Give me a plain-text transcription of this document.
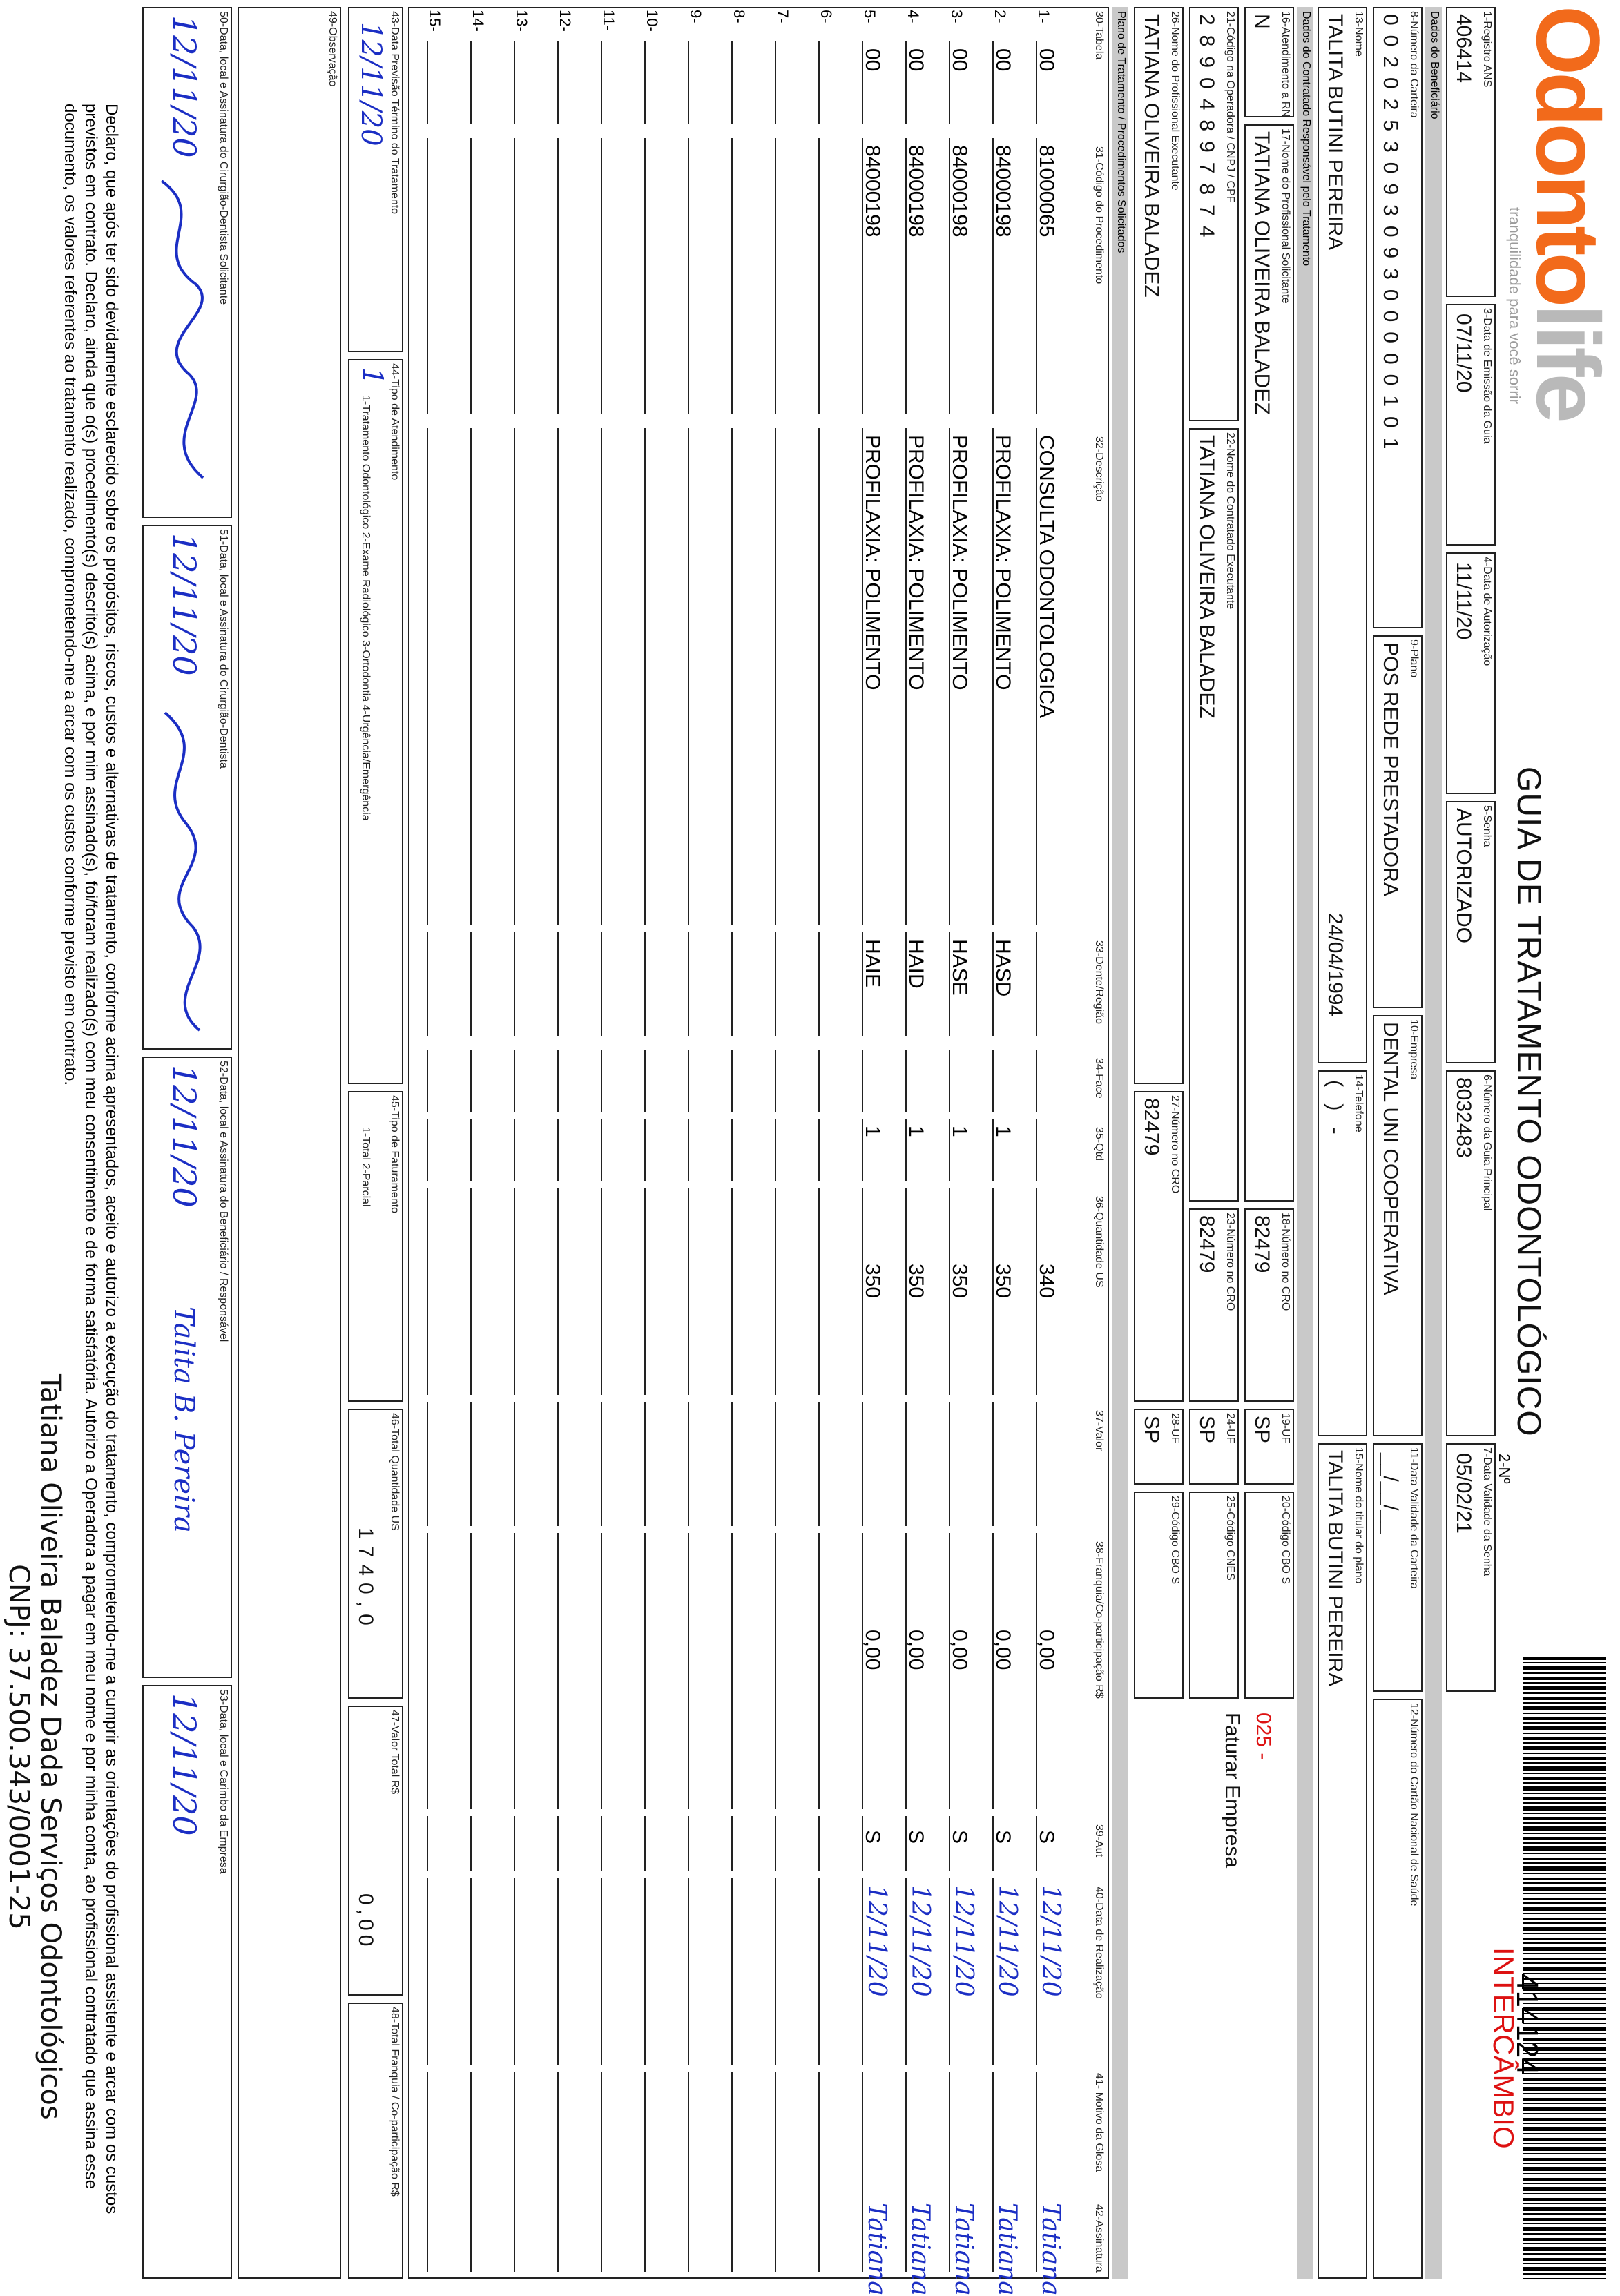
Odontolife
tranquilidade para você sorrir
GUIA DE TRATAMENTO ODONTOLÓGICO
2-Nº
414124
INTERCÂMBIO
1-Registro ANS
406414
3-Data de Emissão da Guia
07/11/20
4-Data de Autorização
11/11/20
5-Senha
AUTORIZADO
6-Número da Guia Principal
8032483
7-Data Validade da Senha
05/02/21
Dados do Beneficiário
8-Número da Carteira
002025309309300000101
9-Plano
POS REDE PRESTADORA
10-Empresa
DENTAL UNI COOPERATIVA
11-Data Validade da Carteira
__/__/__
12-Número do Cartão Nacional de Saúde
13-Nome
TALITA BUTINI PEREIRA
24/04/1994
14-Telefone
( ) -
15-Nome do titular do plano
TALITA BUTINI PEREIRA
Dados do Contratado Responsável pelo Tratamento
16-Atendimento a RN
N
17-Nome do Profissional Solicitante
TATIANA OLIVEIRA BALADEZ
18-Número no CRO
82479
19-UF
SP
20-Código CBO S
21-Código na Operadora / CNPJ / CPF
28904897874
22-Nome do Contratado Executante
TATIANA OLIVEIRA BALADEZ
23-Número no CRO
82479
24-UF
SP
25-Código CNES
025 -
Faturar Empresa
26-Nome do Profissional Executante
TATIANA OLIVEIRA BALADEZ
27-Número no CRO
82479
28-UF
SP
29-Código CBO S
Plano de Tratamento / Procedimentos Solicitados
30-Tabela
31-Código do Procedimento
32-Descrição
33-Dente/Região
34-Face
35-Qtd
36-Quantidade US
37-Valor
38-Franquia/Co-participação R$
39-Aut
40-Data de Realização
41- Motivo da Glosa
42-Assinatura
1-
00
81000065
CONSULTA ODONTOLOGICA
340
0,00
S
12/11/20
Tatiana
2-
00
84000198
PROFILAXIA: POLIMENTO
HASD
1
350
0,00
S
12/11/20
Tatiana
3-
00
84000198
PROFILAXIA: POLIMENTO
HASE
1
350
0,00
S
12/11/20
Tatiana
4-
00
84000198
PROFILAXIA: POLIMENTO
HAID
1
350
0,00
S
12/11/20
Tatiana
5-
00
84000198
PROFILAXIA: POLIMENTO
HAIE
1
350
0,00
S
12/11/20
Tatiana
6-
7-
8-
9-
10-
11-
12-
13-
14-
15-
43-Data Previsão Término do Tratamento
12/11/20
44-Tipo de Atendimento
1
1-Tratamento Odontológico 2-Exame Radiológico 3-Ortodontia 4-Urgência/Emergência
45-Tipo de Faturamento
1-Total 2-Parcial
46-Total Quantidade US
1740,0
47-Valor Total R$
0,00
48-Total Franquia / Co-participação R$
49-Observação
Declaro, que após ter sido devidamente esclarecido sobre os propósitos, riscos, custos e alternativas de tratamento, conforme acima apresentados, aceito e autorizo a execução do tratamento, comprometendo-me a cumprir as orientações do profissional assistente e arcar com os custos previstos em contrato. Declaro, ainda que o(s) procedimento(s) descrito(s) acima, e por mim assinado(s), foi/foram realizado(s) com meu consentimento e de forma satisfatória. Autorizo a Operadora a pagar em meu nome e por minha conta, ao profissional contratado que assina esse documento, os valores referentes ao tratamento realizado, comprometendo-me a arcar com os custos conforme previsto em contrato.	50-Data, local e Assinatura do Cirurgião-Dentista Solicitante
12/11/20
51-Data, local e Assinatura do Cirurgião-Dentista
12/11/20
52-Data, local e Assinatura do Beneficiário / Responsável
12/11/20
Talita B. Pereira
53-Data, local e Carimbo da Empresa
12/11/20
Tatiana Oliveira Baladez Dada Serviços Odontológicos
CNPJ: 37.500.343/0001-25
